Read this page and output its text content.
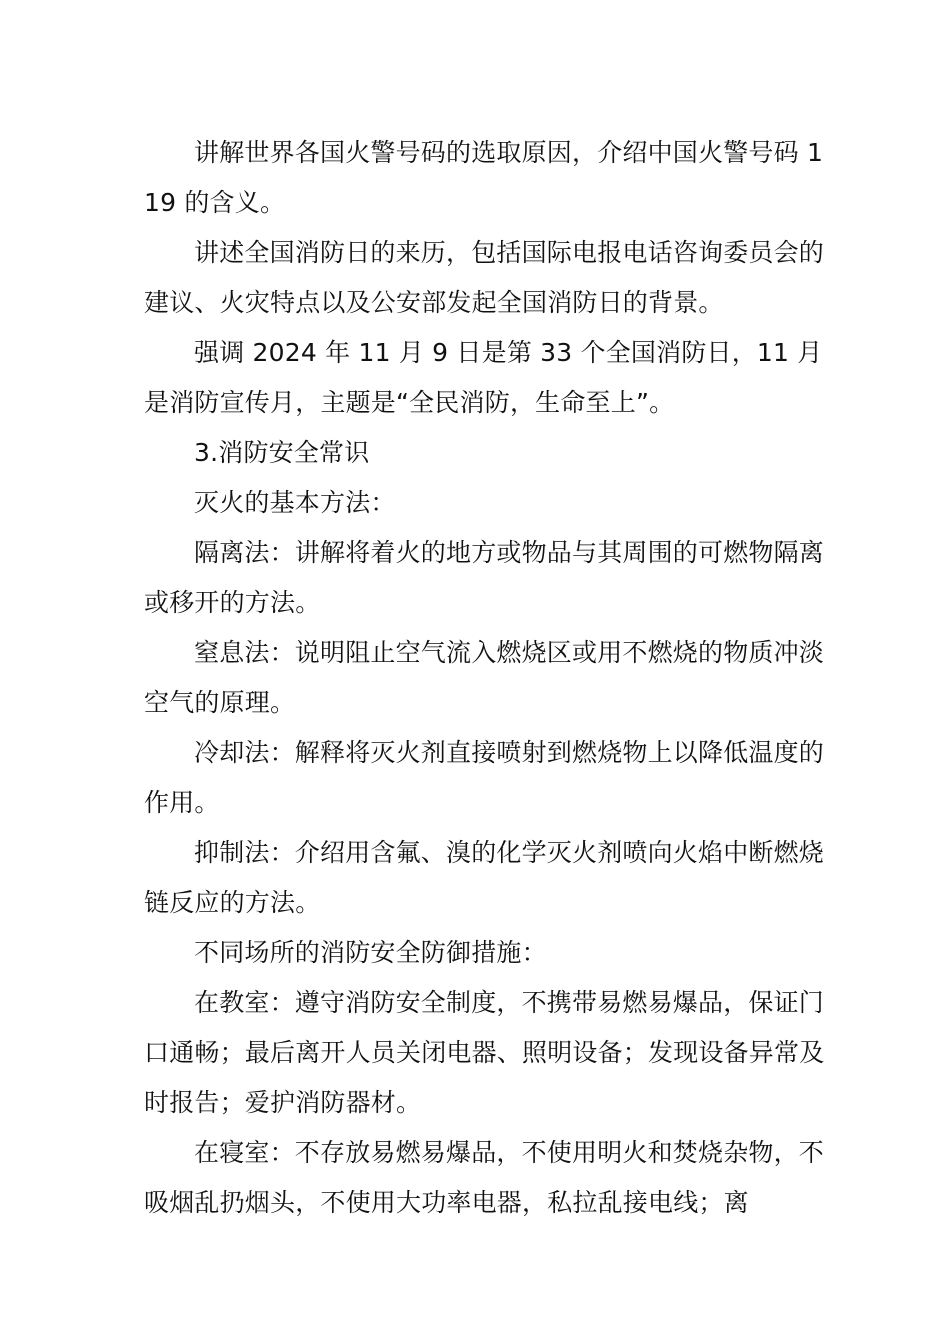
讲解世界各国火警号码的选取原因，介绍中国火警号码 119 的含义。

讲述全国消防日的来历，包括国际电报电话咨询委员会的建议、火灾特点以及公安部发起全国消防日的背景。

强调 2024 年 11 月 9 日是第 33 个全国消防日，11 月是消防宣传月，主题是“全民消防，生命至上”。

3.消防安全常识

灭火的基本方法：

隔离法：讲解将着火的地方或物品与其周围的可燃物隔离或移开的方法。

窒息法：说明阻止空气流入燃烧区或用不燃烧的物质冲淡空气的原理。

冷却法：解释将灭火剂直接喷射到燃烧物上以降低温度的作用。

抑制法：介绍用含氟、溴的化学灭火剂喷向火焰中断燃烧链反应的方法。

不同场所的消防安全防御措施：

在教室：遵守消防安全制度，不携带易燃易爆品，保证门口通畅；最后离开人员关闭电器、照明设备；发现设备异常及时报告；爱护消防器材。

在寝室：不存放易燃易爆品，不使用明火和焚烧杂物，不吸烟乱扔烟头，不使用大功率电器，私拉乱接电线；离
